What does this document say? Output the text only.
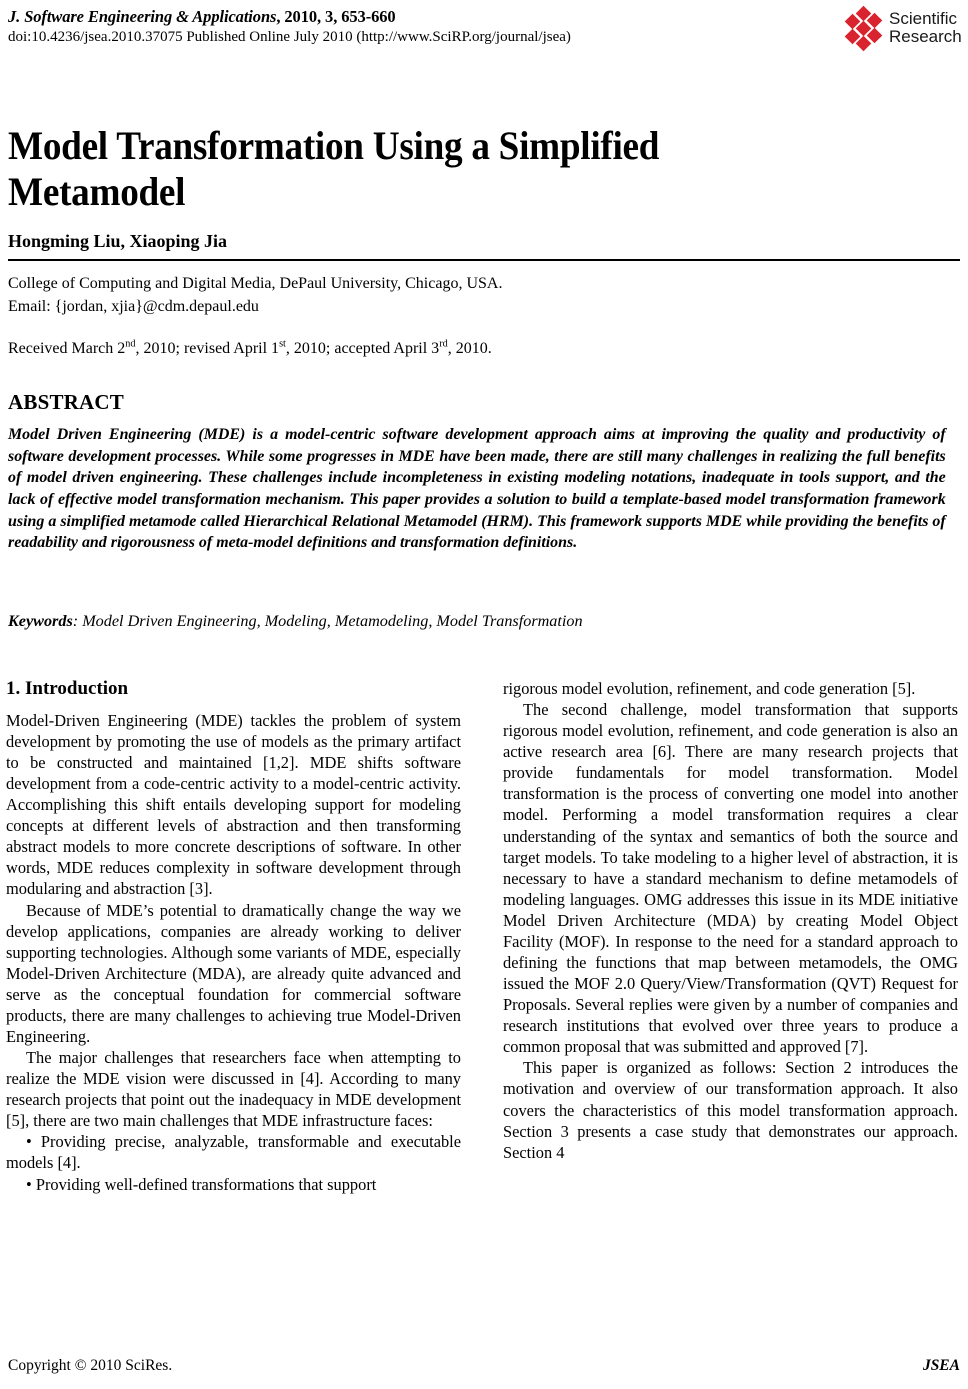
J. Software Engineering & Applications, 2010, 3, 653-660
doi:10.4236/jsea.2010.37075 Published Online July 2010 (http://www.SciRP.org/journal/jsea)
Scientific
Research
Model Transformation Using a Simplified Metamodel
Hongming Liu, Xiaoping Jia
College of Computing and Digital Media, DePaul University, Chicago, USA.
Email: {jordan, xjia}@cdm.depaul.edu
Received March 2nd, 2010; revised April 1st, 2010; accepted April 3rd, 2010.
ABSTRACT
Model Driven Engineering (MDE) is a model-centric software development approach aims at improving the quality and productivity of software development processes. While some progresses in MDE have been made, there are still many challenges in realizing the full benefits of model driven engineering. These challenges include incompleteness in existing modeling notations, inadequate in tools support, and the lack of effective model transformation mechanism. This paper provides a solution to build a template-based model transformation framework using a simplified metamode called Hierarchical Relational Metamodel (HRM). This framework supports MDE while providing the benefits of readability and rigorousness of meta-model definitions and transformation definitions.
Keywords: Model Driven Engineering, Modeling, Metamodeling, Model Transformation
1. Introduction

Model-Driven Engineering (MDE) tackles the problem of system development by promoting the use of models as the primary artifact to be constructed and maintained [1,2]. MDE shifts software development from a code-centric activity to a model-centric activity. Accomplishing this shift entails developing support for modeling concepts at different levels of abstraction and then transforming abstract models to more concrete descriptions of software. In other words, MDE reduces complexity in software development through modularing and abstraction [3].

Because of MDE’s potential to dramatically change the way we develop applications, companies are already working to deliver supporting technologies. Although some variants of MDE, especially Model-Driven Architecture (MDA), are already quite advanced and serve as the conceptual foundation for commercial software products, there are many challenges to achieving true Model-Driven Engineering.

The major challenges that researchers face when attempting to realize the MDE vision were discussed in [4]. According to many research projects that point out the inadequacy in MDE development [5], there are two main challenges that MDE infrastructure faces:

• Providing precise, analyzable, transformable and executable models [4].

• Providing well-defined transformations that support

rigorous model evolution, refinement, and code generation [5].

The second challenge, model transformation that supports rigorous model evolution, refinement, and code generation is also an active research area [6]. There are many research projects that provide fundamentals for model transformation. Model transformation is the process of converting one model into another model. Performing a model transformation requires a clear understanding of the syntax and semantics of both the source and target models. To take modeling to a higher level of abstraction, it is necessary to have a standard mechanism to define metamodels of modeling languages. OMG addresses this issue in its MDE initiative Model Driven Architecture (MDA) by creating Model Object Facility (MOF). In response to the need for a standard approach to defining the functions that map between metamodels, the OMG issued the MOF 2.0 Query/View/Transformation (QVT) Request for Proposals. Several replies were given by a number of companies and research institutions that evolved over three years to produce a common proposal that was submitted and approved [7].

This paper is organized as follows: Section 2 introduces the motivation and overview of our transformation approach. It also covers the characteristics of this model transformation approach. Section 3 presents a case study that demonstrates our approach. Section 4

Copyright © 2010 SciRes.	JSEA
